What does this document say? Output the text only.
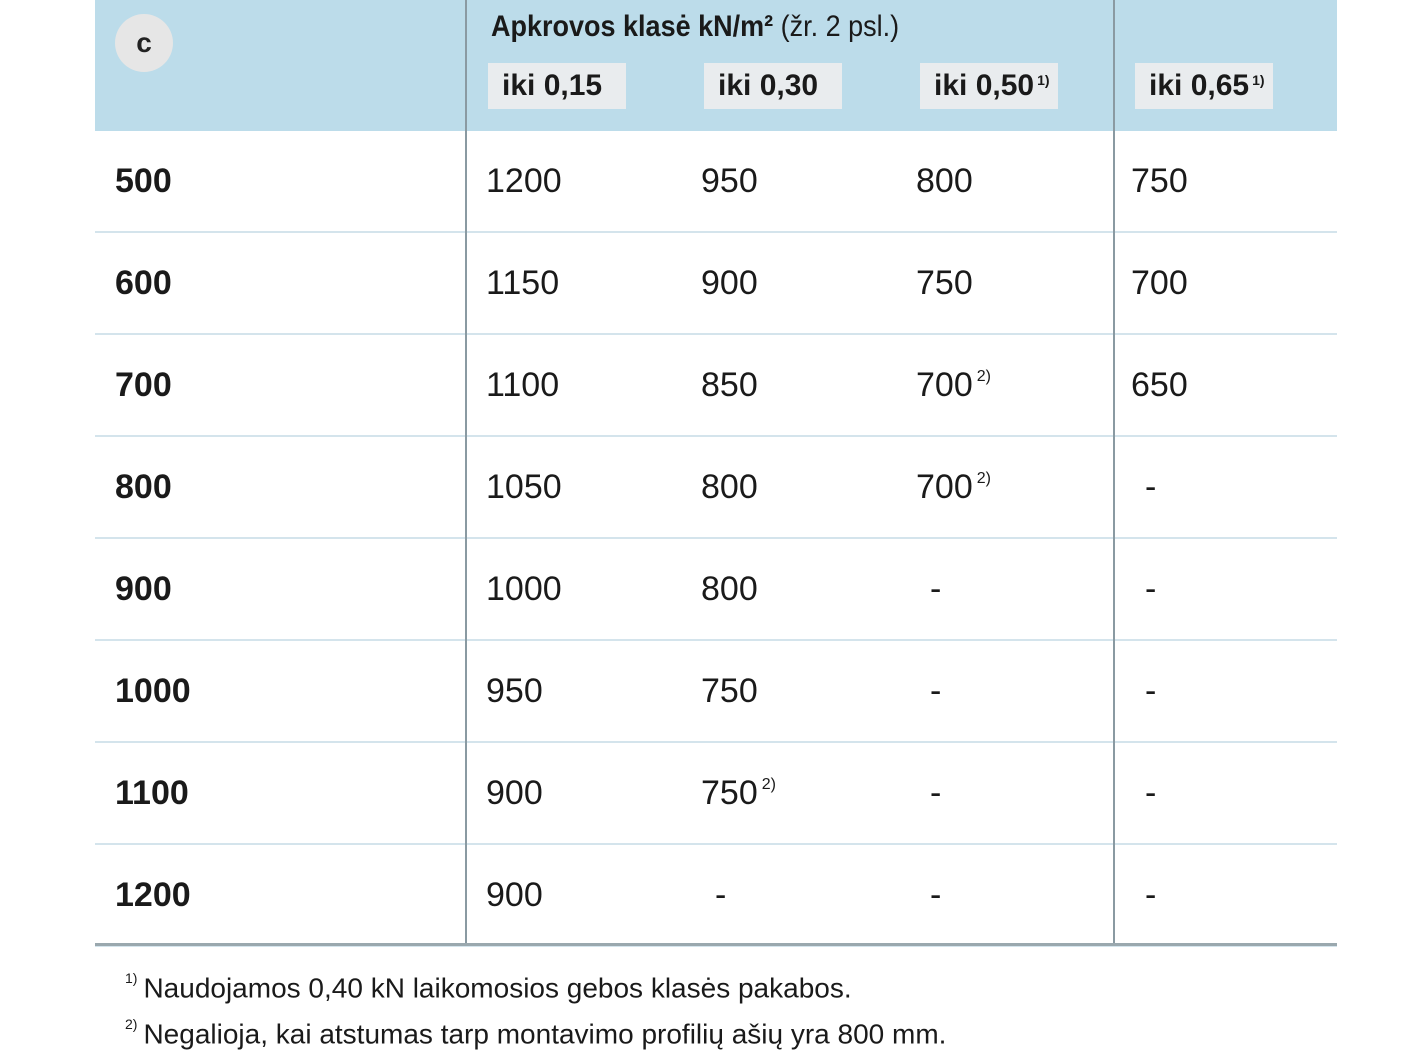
c	Apkrovos klasė kN/m² (žr. 2 psl.)
iki 0,15	iki 0,30	iki 0,50$^{1)}$	iki 0,65$^{1)}$
500	1200	950	800	750
600	1150	900	750	700
700	1100	850	700 $^{2)}$	650
800	1050	800	700 $^{2)}$	-
900	1000	800	-	-
1000	950	750	-	-
1100	900	750 $^{2)}$	-	-
1200	900	-	-	-
$^{1)}$ Naudojamos 0,40 kN laikomosios gebos klasės pakabos.
$^{2)}$ Negalioja, kai atstumas tarp montavimo profilių ašių yra 800 mm.
